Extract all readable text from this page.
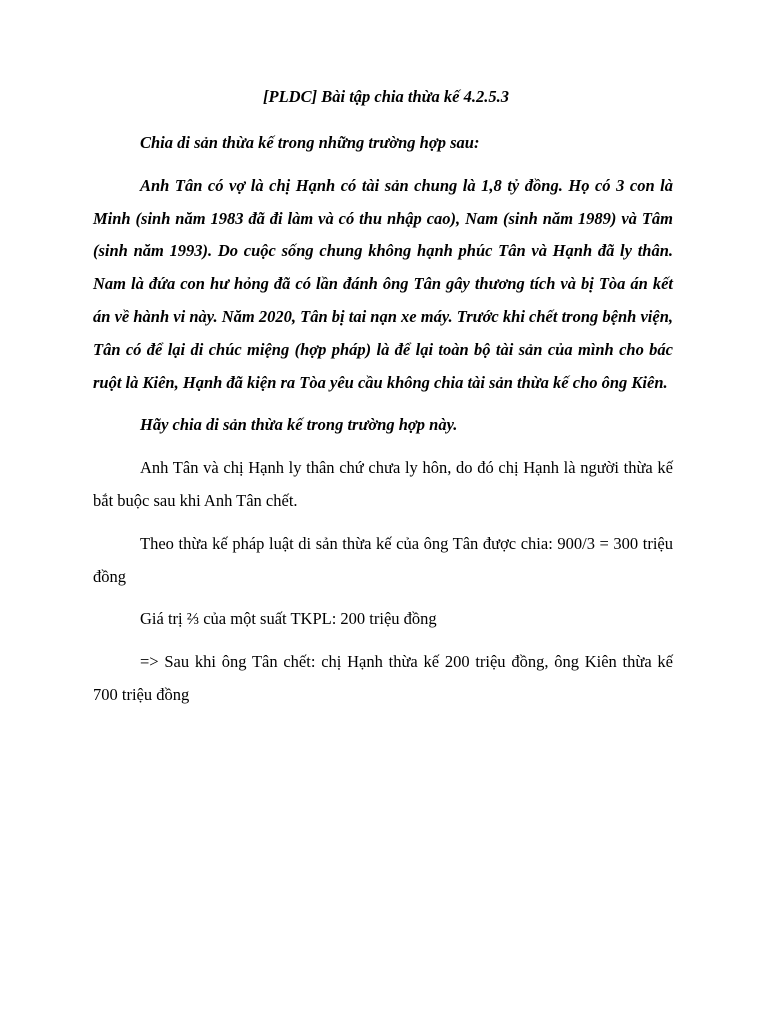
[PLDC] Bài tập chia thừa kế 4.2.5.3

Chia di sản thừa kế trong những trường hợp sau:

Anh Tân có vợ là chị Hạnh có tài sản chung là 1,8 tỷ đồng. Họ có 3 con là Minh (sinh năm 1983 đã đi làm và có thu nhập cao), Nam (sinh năm 1989) và Tâm (sinh năm 1993). Do cuộc sống chung không hạnh phúc Tân và Hạnh đã ly thân. Nam là đứa con hư hỏng đã có lần đánh ông Tân gây thương tích và bị Tòa án kết án về hành vi này. Năm 2020, Tân bị tai nạn xe máy. Trước khi chết trong bệnh viện, Tân có để lại di chúc miệng (hợp pháp) là để lại toàn bộ tài sản của mình cho bác ruột là Kiên, Hạnh đã kiện ra Tòa yêu cầu không chia tài sản thừa kế cho ông Kiên.

Hãy chia di sản thừa kế trong trường hợp này.

Anh Tân và chị Hạnh ly thân chứ chưa ly hôn, do đó chị Hạnh là người thừa kế bắt buộc sau khi Anh Tân chết.

Theo thừa kế pháp luật di sản thừa kế của ông Tân được chia: 900/3 = 300 triệu đồng

Giá trị ⅔ của một suất TKPL: 200 triệu đồng

=> Sau khi ông Tân chết: chị Hạnh thừa kế 200 triệu đồng, ông Kiên thừa kế 700 triệu đồng
